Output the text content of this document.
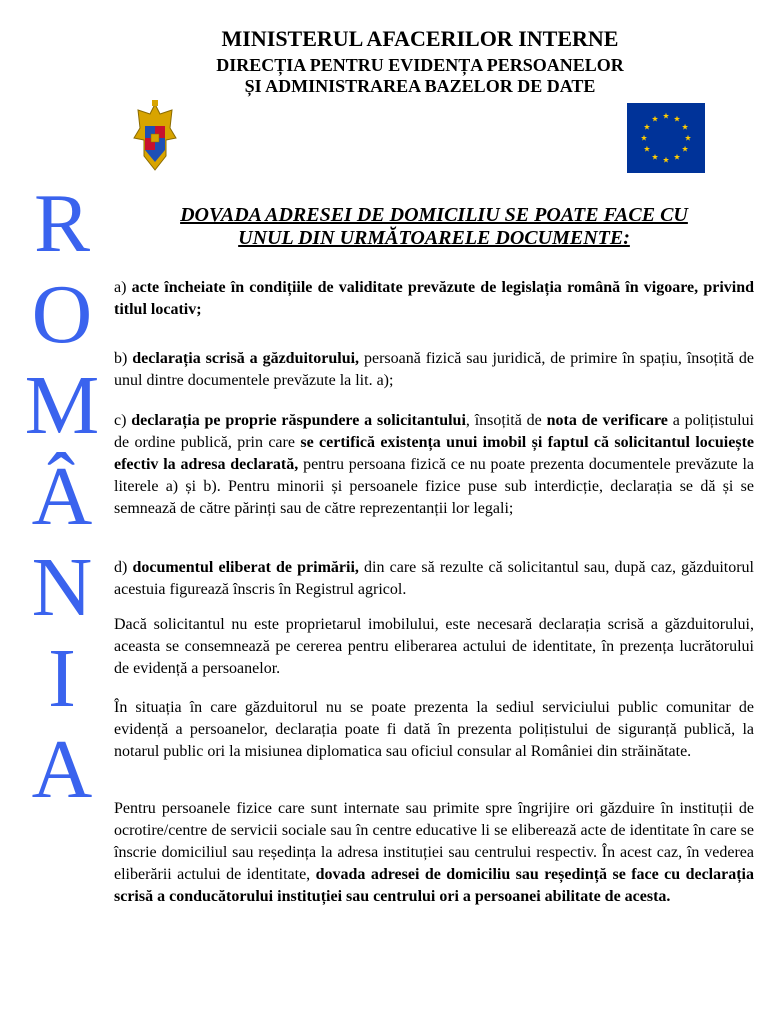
MINISTERUL AFACERILOR INTERNE
DIRECȚIA PENTRU EVIDENȚA PERSOANELOR
ȘI ADMINISTRAREA BAZELOR DE DATE
R
O
M
Â
N
I
A
DOVADA ADRESEI DE DOMICILIU SE POATE FACE CU
UNUL DIN URMĂTOARELE DOCUMENTE:

a) acte încheiate în condițiile de validitate prevăzute de legislația română în vigoare, privind titlul locativ;

b) declarația scrisă a găzduitorului, persoană fizică sau juridică, de primire în spațiu, însoțită de unul dintre documentele prevăzute la lit. a);

c) declarația pe proprie răspundere a solicitantului, însoțită de nota de verificare a polițistului de ordine publică, prin care se certifică existența unui imobil și faptul că solicitantul locuiește efectiv la adresa declarată, pentru persoana fizică ce nu poate prezenta documentele prevăzute la literele a) și b). Pentru minorii și persoanele fizice puse sub interdicție, declarația se dă și se semnează de către părinți sau de către reprezentanții lor legali;

d) documentul eliberat de primării, din care să rezulte că solicitantul sau, după caz, găzduitorul acestuia figurează înscris în Registrul agricol.

Dacă solicitantul nu este proprietarul imobilului, este necesară declarația scrisă a găzduitorului, aceasta se consemnează pe cererea pentru eliberarea actului de identitate, în prezența lucrătorului de evidență a persoanelor.

În situația în care găzduitorul nu se poate prezenta la sediul serviciului public comunitar de evidență a persoanelor, declarația poate fi dată în prezenta polițistului de siguranță publică, la notarul public ori la misiunea diplomatica sau oficiul consular al României din străinătate.

Pentru persoanele fizice care sunt internate sau primite spre îngrijire ori găzduire în instituții de ocrotire/centre de servicii sociale sau în centre educative li se eliberează acte de identitate în care se înscrie domiciliul sau reședința la adresa instituției sau centrului respectiv. În acest caz, în vederea eliberării actului de identitate, dovada adresei de domiciliu sau reședință se face cu declarația scrisă a conducătorului instituției sau centrului ori a persoanei abilitate de acesta.
